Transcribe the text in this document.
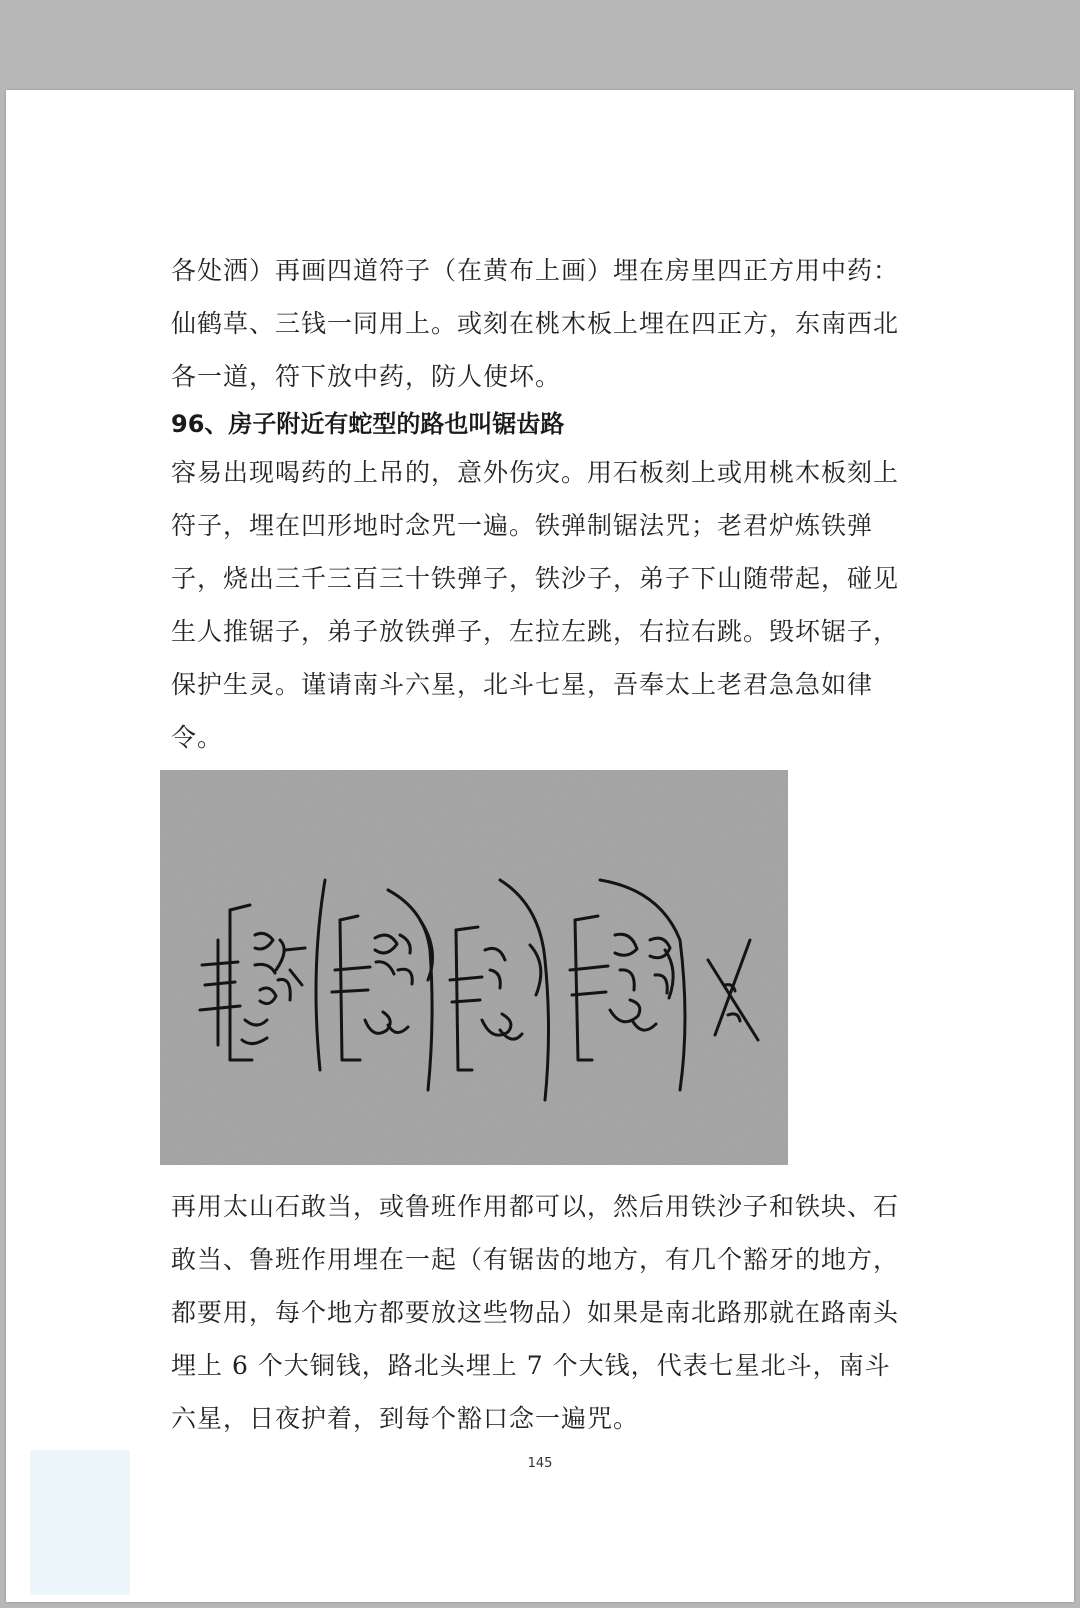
各处洒）再画四道符子（在黄布上画）埋在房里四正方用中药：仙鹤草、三钱一同用上。或刻在桃木板上埋在四正方，东南西北各一道，符下放中药，防人使坏。

96、房子附近有蛇型的路也叫锯齿路

容易出现喝药的上吊的，意外伤灾。用石板刻上或用桃木板刻上符子，埋在凹形地时念咒一遍。铁弹制锯法咒；老君炉炼铁弹子，烧出三千三百三十铁弹子，铁沙子，弟子下山随带起，碰见生人推锯子，弟子放铁弹子，左拉左跳，右拉右跳。毁坏锯子，保护生灵。谨请南斗六星，北斗七星，吾奉太上老君急急如律令。

再用太山石敢当，或鲁班作用都可以，然后用铁沙子和铁块、石敢当、鲁班作用埋在一起（有锯齿的地方，有几个豁牙的地方，都要用，每个地方都要放这些物品）如果是南北路那就在路南头埋上 6 个大铜钱，路北头埋上 7 个大钱，代表七星北斗，南斗六星，日夜护着，到每个豁口念一遍咒。

145
